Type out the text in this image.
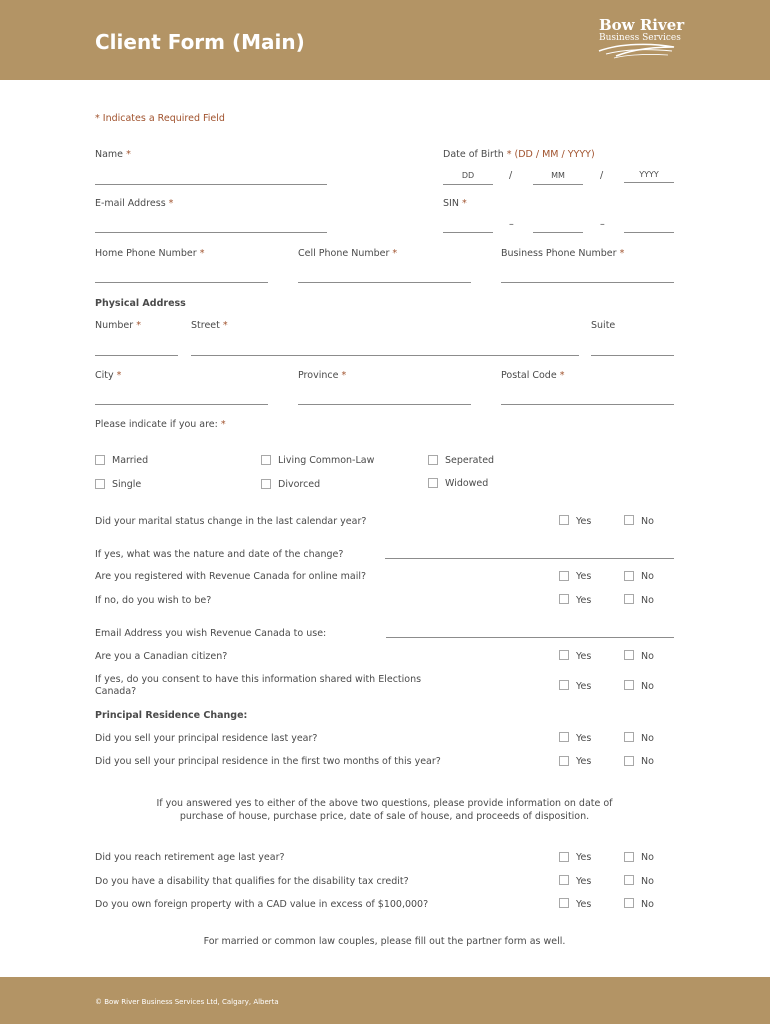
Client Form (Main)
Bow River
Business Services
* Indicates a Required Field
Name *	Date of Birth * (DD / MM / YYYY)
DD	/	MM	/	YYYY
E-mail Address *	SIN *
–	–
Home Phone Number *	Cell Phone Number *	Business Phone Number *
Physical Address
Number *	Street *	Suite
City *	Province *	Postal Code *
Please indicate if you are: *
Married	Living Common-Law	Seperated
Single	Divorced	Widowed
Did your marital status change in the last calendar year?	Yes	No
If yes, what was the nature and date of the change?
Are you registered with Revenue Canada for online mail?	Yes	No
If no, do you wish to be?	Yes	No
Email Address you wish Revenue Canada to use:
Are you a Canadian citizen?	Yes	No
If yes, do you consent to have this information shared with Elections
Canada?	Yes	No
Principal Residence Change:
Did you sell your principal residence last year?	Yes	No
Did you sell your principal residence in the first two months of this year?	Yes	No
If you answered yes to either of the above two questions, please provide information on date of
purchase of house, purchase price, date of sale of house, and proceeds of disposition.
Did you reach retirement age last year?	Yes	No
Do you have a disability that qualifies for the disability tax credit?	Yes	No
Do you own foreign property with a CAD value in excess of $100,000?	Yes	No
For married or common law couples, please fill out the partner form as well.
© Bow River Business Services Ltd, Calgary, Alberta
